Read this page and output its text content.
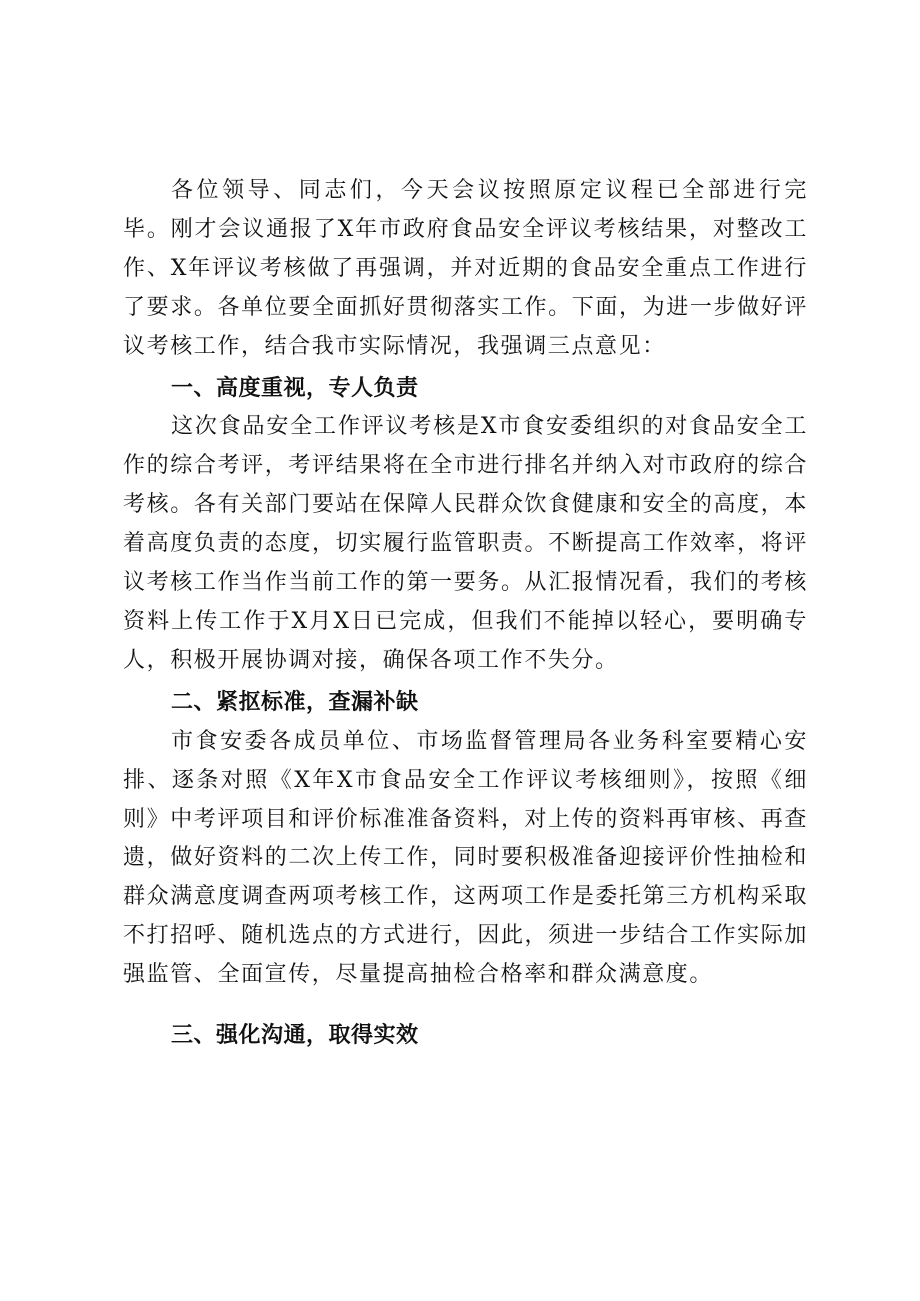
各位领导、同志们，今天会议按照原定议程已全部进行完毕。刚才会议通报了X年市政府食品安全评议考核结果，对整改工作、X年评议考核做了再强调，并对近期的食品安全重点工作进行了要求。各单位要全面抓好贯彻落实工作。下面，为进一步做好评议考核工作，结合我市实际情况，我强调三点意见：

一、高度重视，专人负责

这次食品安全工作评议考核是X市食安委组织的对食品安全工作的综合考评，考评结果将在全市进行排名并纳入对市政府的综合考核。各有关部门要站在保障人民群众饮食健康和安全的高度，本着高度负责的态度，切实履行监管职责。不断提高工作效率，将评议考核工作当作当前工作的第一要务。从汇报情况看，我们的考核资料上传工作于X月X日已完成，但我们不能掉以轻心，要明确专人，积极开展协调对接，确保各项工作不失分。

二、紧抠标准，查漏补缺

市食安委各成员单位、市场监督管理局各业务科室要精心安排、逐条对照《X年X市食品安全工作评议考核细则》，按照《细则》中考评项目和评价标准准备资料，对上传的资料再审核、再查遗，做好资料的二次上传工作，同时要积极准备迎接评价性抽检和群众满意度调查两项考核工作，这两项工作是委托第三方机构采取不打招呼、随机选点的方式进行，因此，须进一步结合工作实际加强监管、全面宣传，尽量提高抽检合格率和群众满意度。

三、强化沟通，取得实效
